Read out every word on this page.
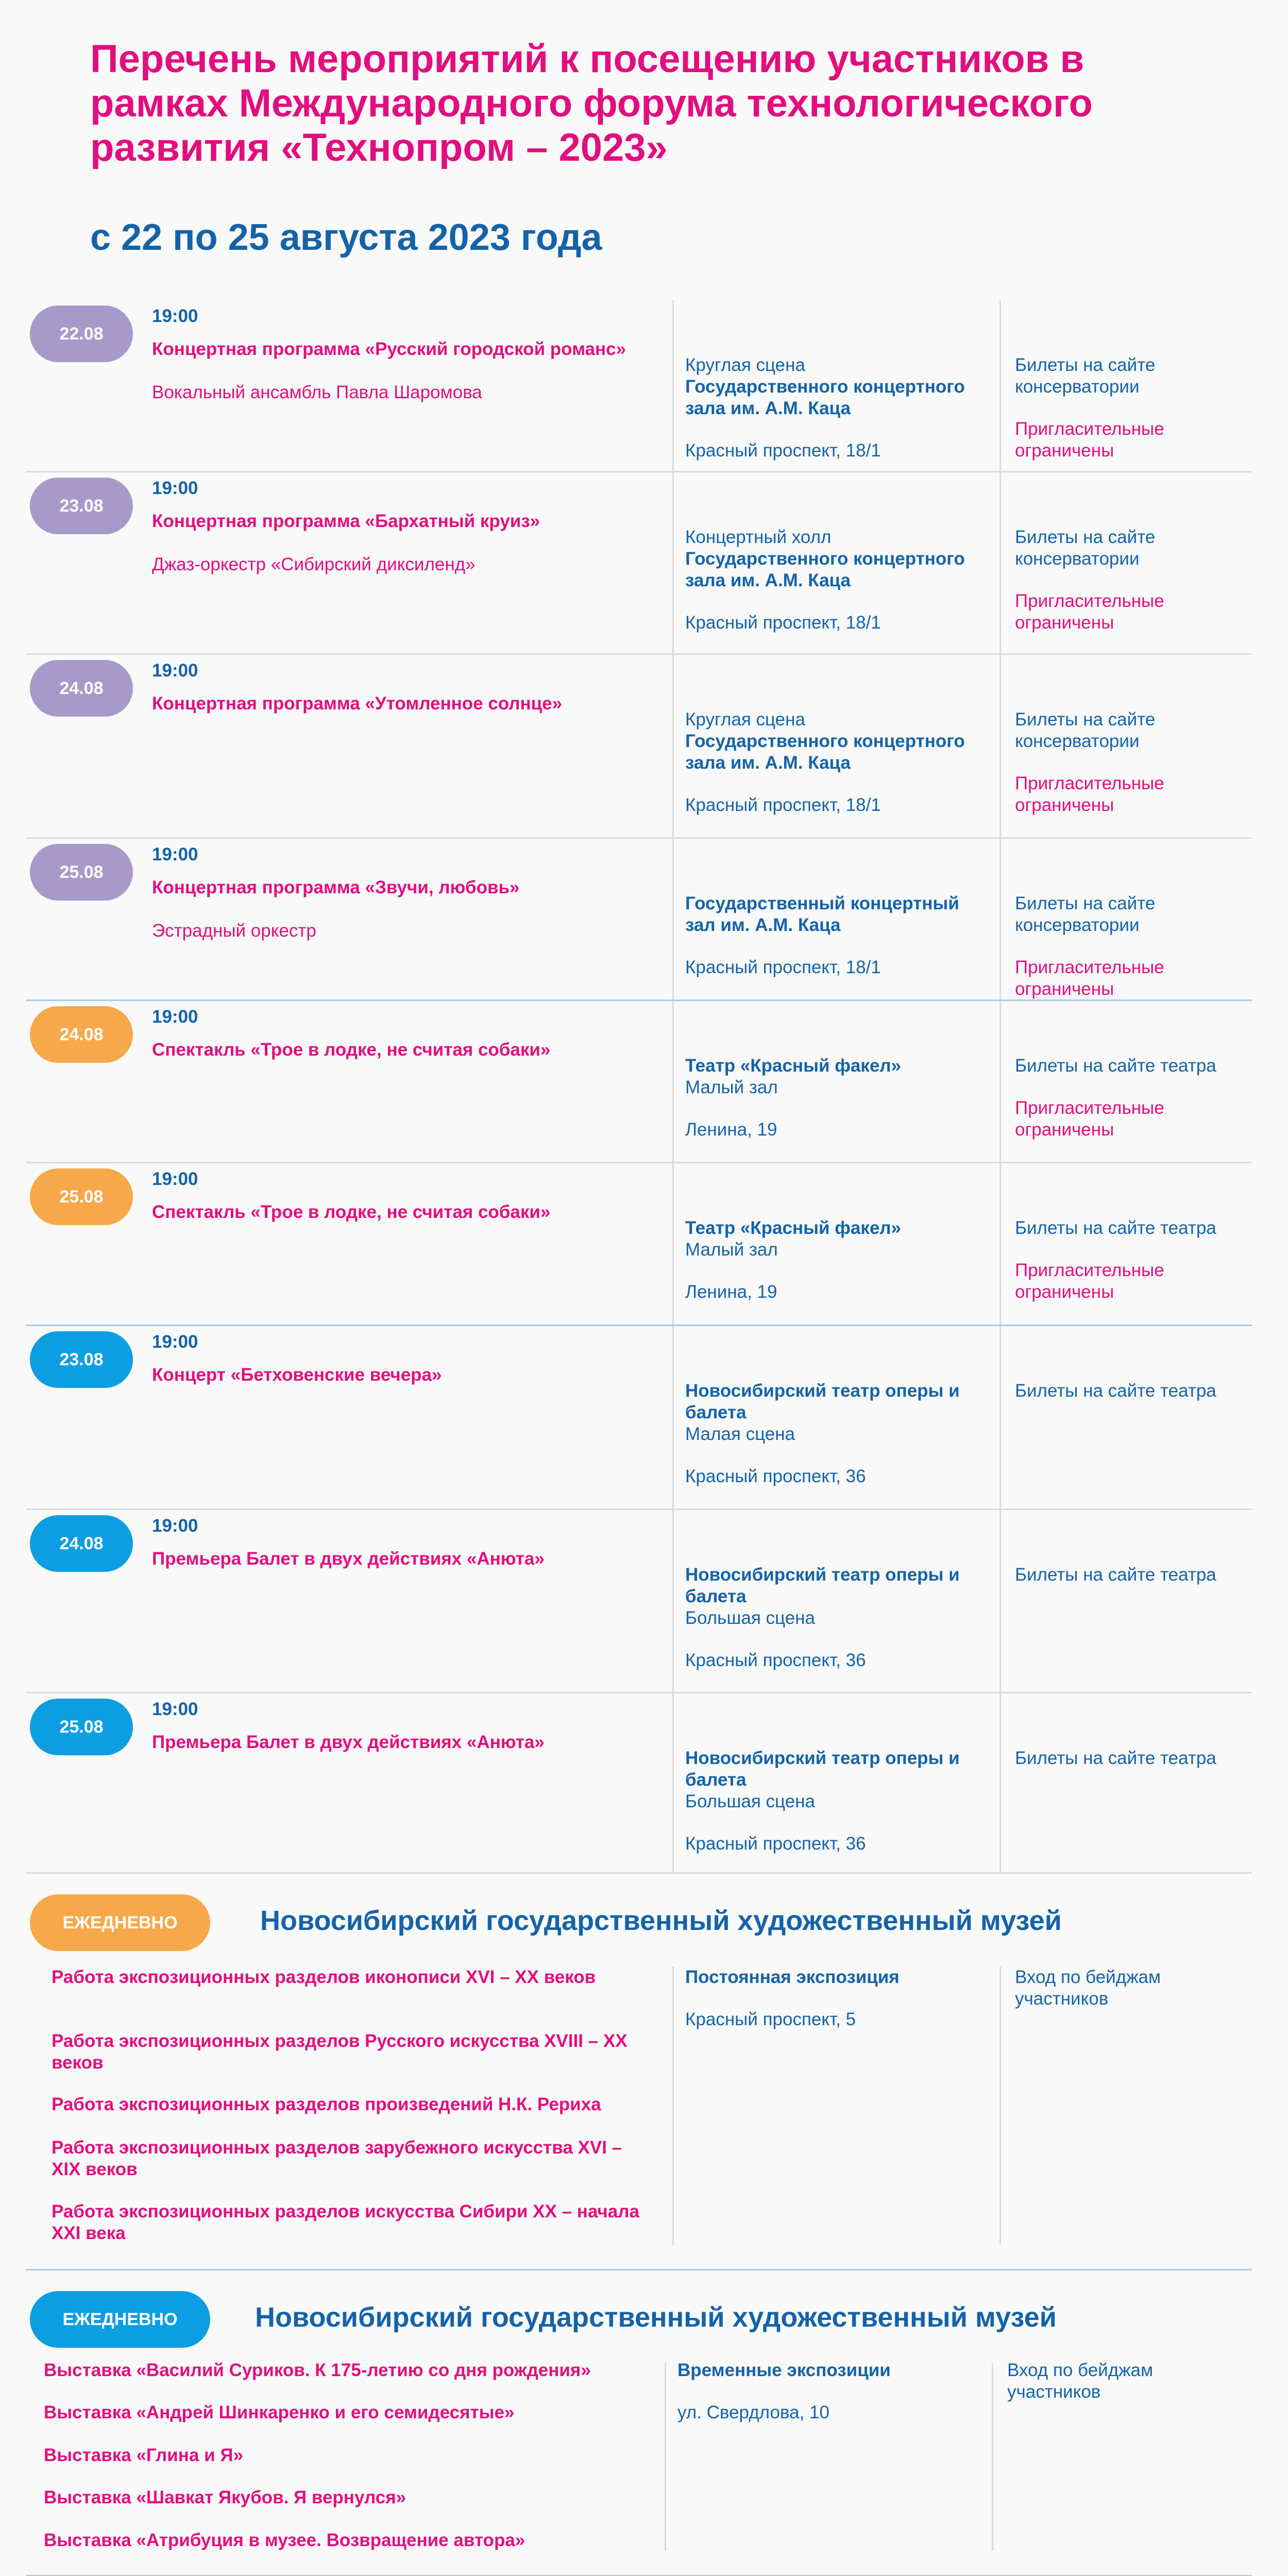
Перечень мероприятий к посещению участников в рамках Международного форума технологического развития «Технопром – 2023»
с 22 по 25 августа 2023 года
22.08
19:00
Концертная программа «Русский городской романс»
Вокальный ансамбль Павла Шаромова
Круглая сцена
Государственного концертного зала им. А.М. Каца
Красный проспект, 18/1
Билеты на сайте консерватории
Пригласительные ограничены
23.08
19:00
Концертная программа «Бархатный круиз»
Джаз-оркестр «Сибирский диксиленд»
Концертный холл
Государственного концертного зала им. А.М. Каца
Красный проспект, 18/1
Билеты на сайте консерватории
Пригласительные ограничены
24.08
19:00
Концертная программа «Утомленное солнце»
Круглая сцена
Государственного концертного зала им. А.М. Каца
Красный проспект, 18/1
Билеты на сайте консерватории
Пригласительные ограничены
25.08
19:00
Концертная программа «Звучи, любовь»
Эстрадный оркестр
Государственный концертный зал им. А.М. Каца
Красный проспект, 18/1
Билеты на сайте консерватории
Пригласительные ограничены
24.08
19:00
Спектакль «Трое в лодке, не считая собаки»
Театр «Красный факел»
Малый зал
Ленина, 19
Билеты на сайте театра
Пригласительные ограничены
25.08
19:00
Спектакль «Трое в лодке, не считая собаки»
Театр «Красный факел»
Малый зал
Ленина, 19
Билеты на сайте театра
Пригласительные ограничены
23.08
19:00
Концерт «Бетховенские вечера»
Новосибирский театр оперы и балета
Малая сцена
Красный проспект, 36
Билеты на сайте театра
24.08
19:00
Премьера Балет в двух действиях «Анюта»
Новосибирский театр оперы и балета
Большая сцена
Красный проспект, 36
Билеты на сайте театра
25.08
19:00
Премьера Балет в двух действиях «Анюта»
Новосибирский театр оперы и балета
Большая сцена
Красный проспект, 36
Билеты на сайте театра
ЕЖЕДНЕВНО	Новосибирский государственный художественный музей
Работа экспозиционных разделов иконописи XVI – XX веков
Работа экспозиционных разделов Русского искусства XVIII – XX веков
Работа экспозиционных разделов произведений Н.К. Рериха
Работа экспозиционных разделов зарубежного искусства XVI – XIX веков
Работа экспозиционных разделов искусства Сибири XX – начала XXI века
Постоянная экспозиция
Красный проспект, 5
Вход по бейджам участников
ЕЖЕДНЕВНО	Новосибирский государственный художественный музей
Выставка «Василий Суриков. К 175-летию со дня рождения»
Выставка «Андрей Шинкаренко и его семидесятые»
Выставка «Глина и Я»
Выставка «Шавкат Якубов. Я вернулся»
Выставка «Атрибуция в музее. Возвращение автора»
Временные экспозиции
ул. Свердлова, 10
Вход по бейджам участников
